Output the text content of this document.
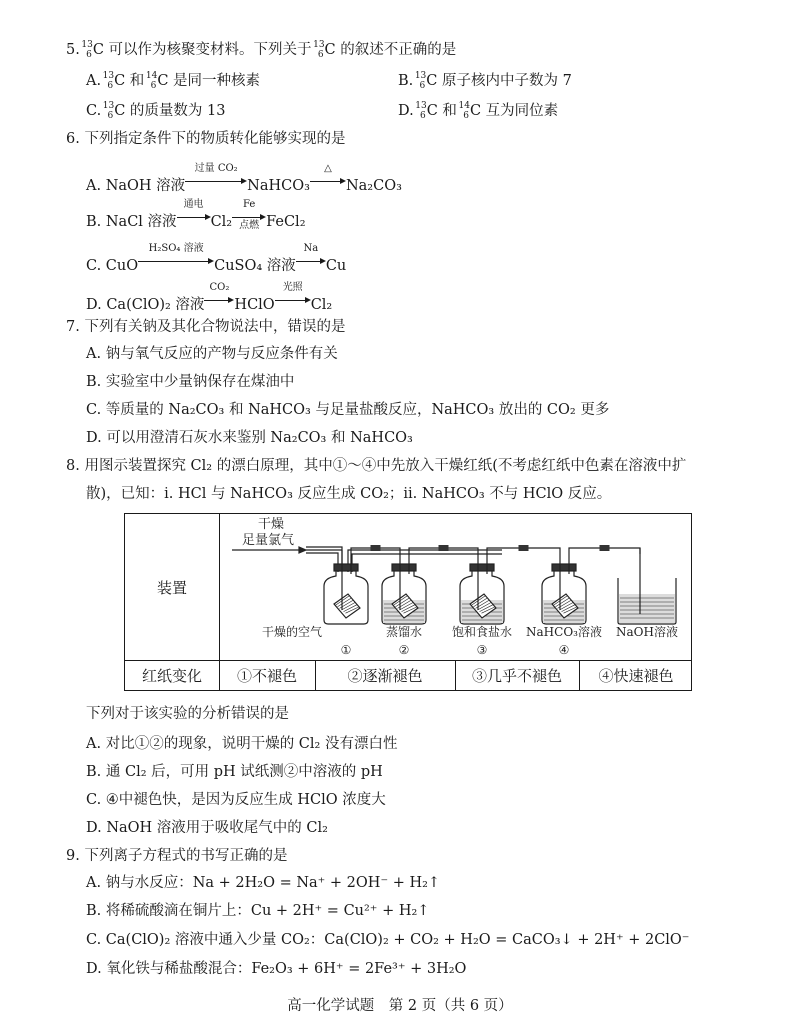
5. 13
6 C 可以作为核聚变材料。下列关于 13
6 C 的叙述不正确的是
A. 13
6 C 和 14
6 C 是同一种核素	B. 13
6 C 原子核内中子数为 7
C. 13
6 C 的质量数为 13	D. 13
6 C 和 14
6 C 互为同位素
6. 下列指定条件下的物质转化能够实现的是
A. NaOH 溶液
过量 CO₂
NaHCO₃
△
Na₂CO₃
B. NaCl 溶液
通电
Cl₂
Fe
点燃 FeCl₂
C. CuO
H₂SO₄ 溶液
CuSO₄ 溶液
Na
Cu
D. Ca(ClO)₂ 溶液
CO₂
HClO
光照
Cl₂
7. 下列有关钠及其化合物说法中，错误的是
A. 钠与氧气反应的产物与反应条件有关
B. 实验室中少量钠保存在煤油中
C. 等质量的 Na₂CO₃ 和 NaHCO₃ 与足量盐酸反应，NaHCO₃ 放出的 CO₂ 更多
D. 可以用澄清石灰水来鉴别 Na₂CO₃ 和 NaHCO₃
8. 用图示装置探究 Cl₂ 的漂白原理，其中①～④中先放入干燥红纸(不考虑红纸中色素在溶液中扩
散)，已知：ⅰ. HCl 与 NaHCO₃ 反应生成 CO₂；ⅱ. NaHCO₃ 不与 HClO 反应。
装置
红纸变化	①不褪色	②逐渐褪色	③几乎不褪色	④快速褪色
干燥
足量氯气
干燥的空气	蒸馏水 饱和食盐水 NaHCO₃溶液 NaOH溶液
①	②	③	④
下列对于该实验的分析错误的是
A. 对比①②的现象，说明干燥的 Cl₂ 没有漂白性
B. 通 Cl₂ 后，可用 pH 试纸测②中溶液的 pH
C. ④中褪色快，是因为反应生成 HClO 浓度大
D. NaOH 溶液用于吸收尾气中的 Cl₂
9. 下列离子方程式的书写正确的是
A. 钠与水反应：Na + 2H₂O = Na⁺ + 2OH⁻ + H₂↑
B. 将稀硫酸滴在铜片上：Cu + 2H⁺ = Cu²⁺ + H₂↑
C. Ca(ClO)₂ 溶液中通入少量 CO₂：Ca(ClO)₂ + CO₂ + H₂O = CaCO₃↓ + 2H⁺ + 2ClO⁻
D. 氧化铁与稀盐酸混合：Fe₂O₃ + 6H⁺ = 2Fe³⁺ + 3H₂O
高一化学试题　第 2 页（共 6 页）
